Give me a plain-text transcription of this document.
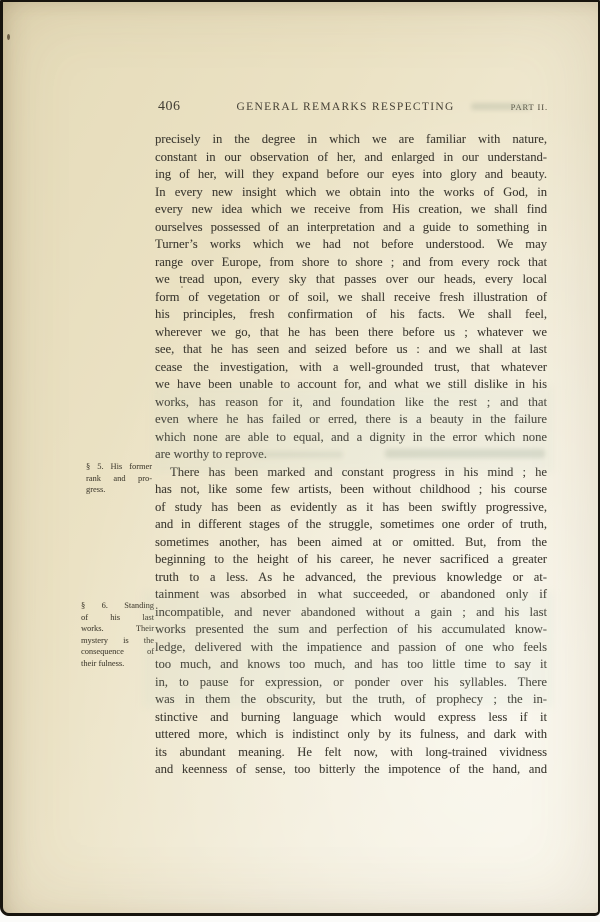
406	GENERAL REMARKS RESPECTING	PART II.
precisely in the degree in which we are familiar with nature,
constant in our observation of her, and enlarged in our understand-
ing of her, will they expand before our eyes into glory and beauty.
In every new insight which we obtain into the works of God, in
every new idea which we receive from His creation, we shall find
ourselves possessed of an interpretation and a guide to something in
Turner’s works which we had not before understood. We may
range over Europe, from shore to shore ; and from every rock that
we tread upon, every sky that passes over our heads, every local
form of vegetation or of soil, we shall receive fresh illustration of
his principles, fresh confirmation of his facts. We shall feel,
wherever we go, that he has been there before us ; whatever we
see, that he has seen and seized before us : and we shall at last
cease the investigation, with a well-grounded trust, that whatever
we have been unable to account for, and what we still dislike in his
works, has reason for it, and foundation like the rest ; and that
even where he has failed or erred, there is a beauty in the failure
which none are able to equal, and a dignity in the error which none
are worthy to reprove.
There has been marked and constant progress in his mind ; he
has not, like some few artists, been without childhood ; his course
of study has been as evidently as it has been swiftly progressive,
and in different stages of the struggle, sometimes one order of truth,
sometimes another, has been aimed at or omitted. But, from the
beginning to the height of his career, he never sacrificed a greater
truth to a less. As he advanced, the previous knowledge or at-
tainment was absorbed in what succeeded, or abandoned only if
incompatible, and never abandoned without a gain ; and his last
works presented the sum and perfection of his accumulated know-
ledge, delivered with the impatience and passion of one who feels
too much, and knows too much, and has too little time to say it
in, to pause for expression, or ponder over his syllables. There
was in them the obscurity, but the truth, of prophecy ; the in-
stinctive and burning language which would express less if it
uttered more, which is indistinct only by its fulness, and dark with
its abundant meaning. He felt now, with long-trained vividness
and keenness of sense, too bitterly the impotence of the hand, and
§ 5. His former
rank and pro-
gress.
§ 6. Standing
of his last
works. Their
mystery is the
consequence of
their fulness.
